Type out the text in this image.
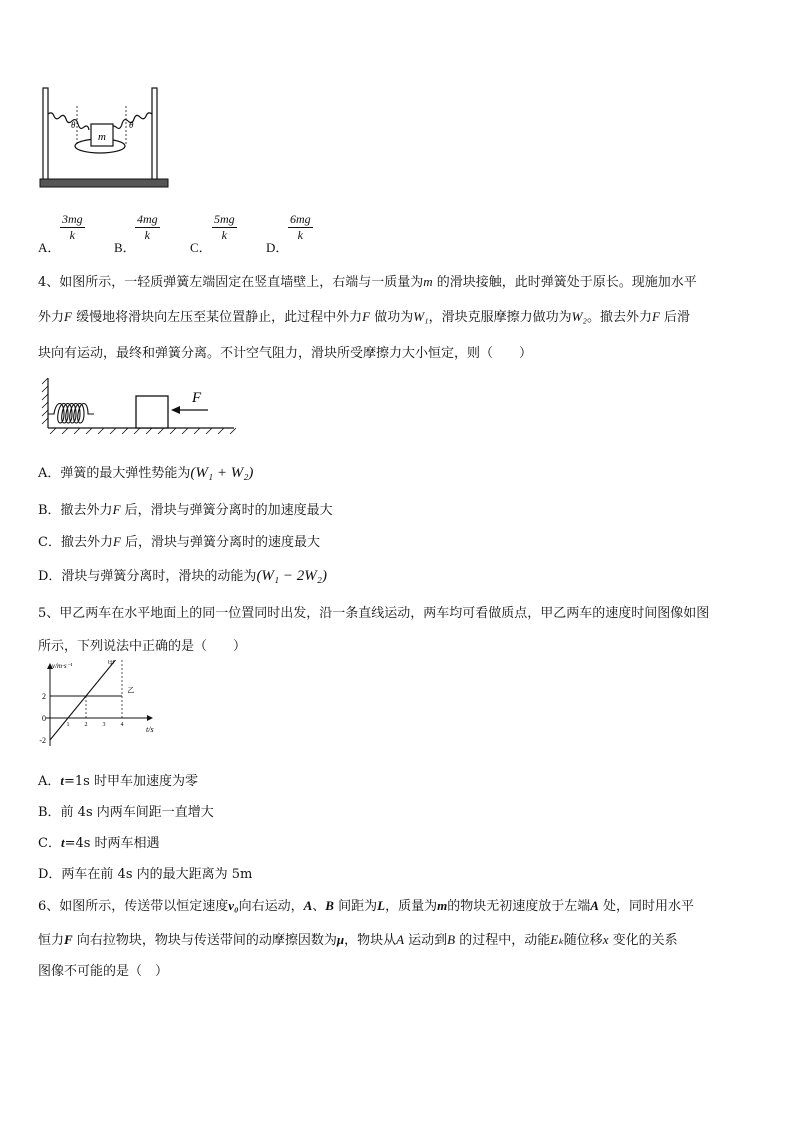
m
θ	θ
A．
$\frac{3mg}{k}$
B．
$\frac{4mg}{k}$
C．
$\frac{5mg}{k}$
D．
$\frac{6mg}{k}$
4、如图所示，一轻质弹簧左端固定在竖直墙壁上，右端与一质量为m 的滑块接触，此时弹簧处于原长。现施加水平
外力F 缓慢地将滑块向左压至某位置静止，此过程中外力F 做功为W₁，滑块克服摩擦力做功为W₂。撤去外力F 后滑
块向有运动，最终和弹簧分离。不计空气阻力，滑块所受摩擦力大小恒定，则（　　）
F
A．弹簧的最大弹性势能为(W₁ + W₂)
B．撤去外力F 后，滑块与弹簧分离时的加速度最大
C．撤去外力F 后，滑块与弹簧分离时的速度最大
D．滑块与弹簧分离时，滑块的动能为(W₁ − 2W₂)
5、甲乙两车在水平地面上的同一位置同时出发，沿一条直线运动，两车均可看做质点，甲乙两车的速度时间图像如图
所示，下列说法中正确的是（　　）
v/m·s⁻¹
t/s
1	2	3	4
2
0
-2
甲
乙
A．t=1s 时甲车加速度为零
B．前 4s 内两车间距一直增大
C．t=4s 时两车相遇
D．两车在前 4s 内的最大距离为 5m
6、如图所示，传送带以恒定速度v₀向右运动，A、B 间距为L，质量为m的物块无初速度放于左端A 处，同时用水平
恒力F 向右拉物块，物块与传送带间的动摩擦因数为μ，物块从A 运动到B 的过程中，动能Eₖ随位移x 变化的关系
图像不可能的是（　）
